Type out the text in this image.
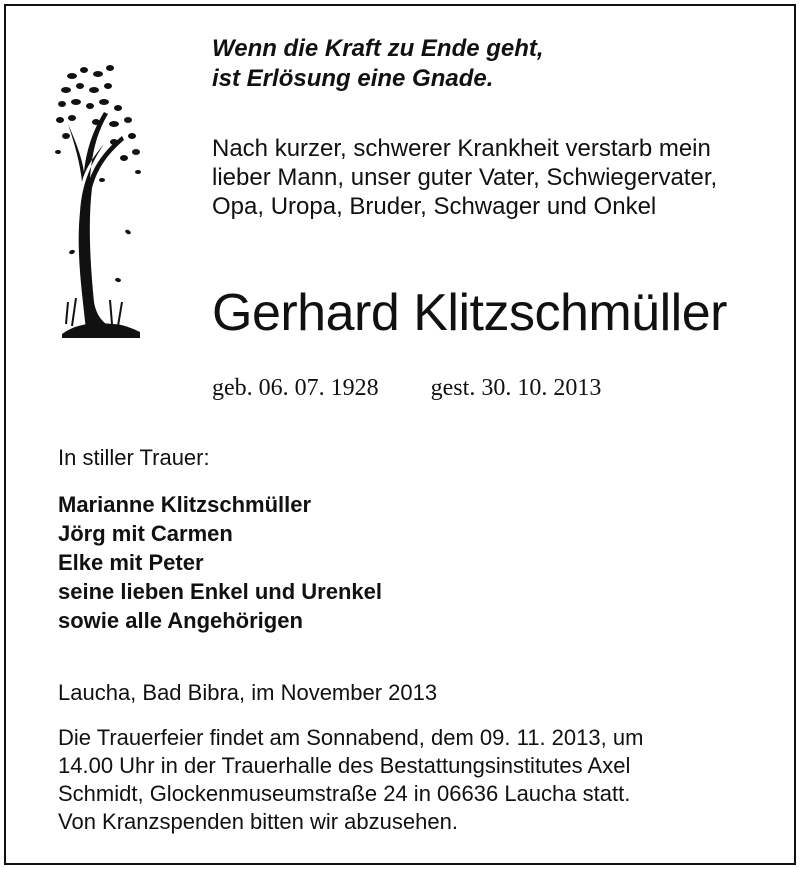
Wenn die Kraft zu Ende geht,
ist Erlösung eine Gnade.
Nach kurzer, schwerer Krankheit verstarb mein
lieber Mann, unser guter Vater, Schwiegervater,
Opa, Uropa, Bruder, Schwager und Onkel
Gerhard Klitzschmüller
geb. 06. 07. 1928 gest. 30. 10. 2013
In stiller Trauer:
Marianne Klitzschmüller
Jörg mit Carmen
Elke mit Peter
seine lieben Enkel und Urenkel
sowie alle Angehörigen
Laucha, Bad Bibra, im November 2013
Die Trauerfeier findet am Sonnabend, dem 09. 11. 2013, um
14.00 Uhr in der Trauerhalle des Bestattungsinstitutes Axel
Schmidt, Glockenmuseumstraße 24 in 06636 Laucha statt.
Von Kranzspenden bitten wir abzusehen.
